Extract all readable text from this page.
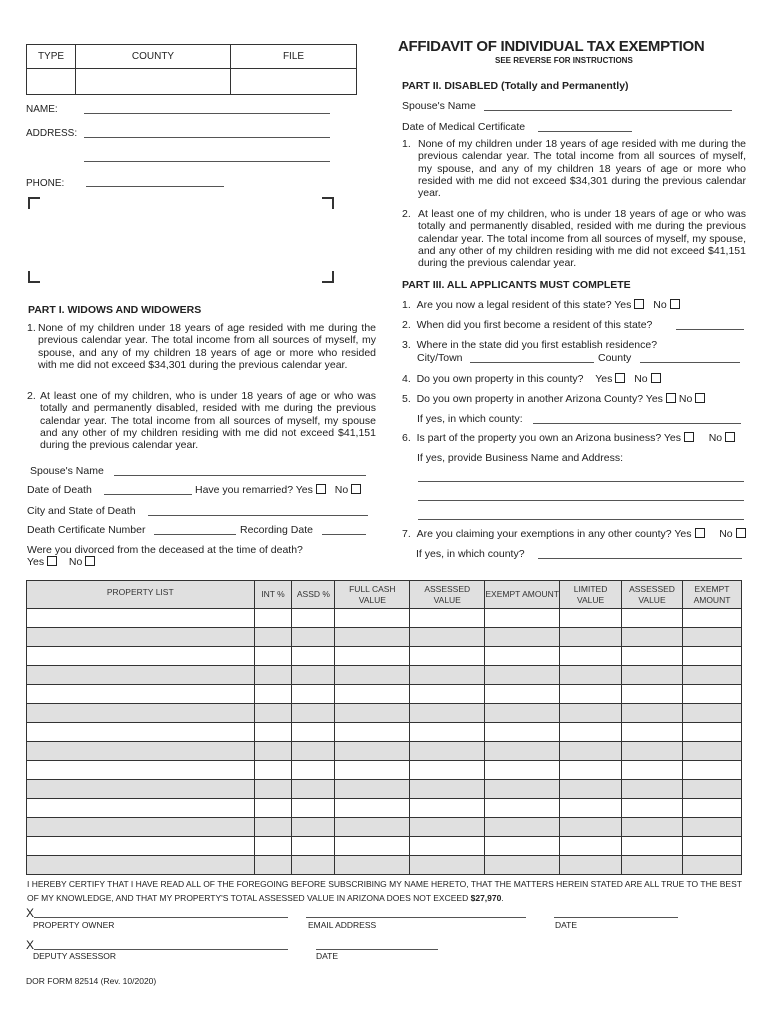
TYPE	COUNTY	FILE

AFFIDAVIT OF INDIVIDUAL TAX EXEMPTION
SEE REVERSE FOR INSTRUCTIONS
NAME:
ADDRESS:
PHONE:
PART I. WIDOWS AND WIDOWERS
1. None of my children under 18 years of age resided with me during the previous calendar year. The total income from all sources of myself, my spouse, and any of my children 18 years of age or more who resided with me did not exceed $34,301 during the previous calendar year.
2. At least one of my children, who is under 18 years of age or who was totally and permanently disabled, resided with me during the previous calendar year. The total income from all sources of myself, my spouse and any other of my children residing with me did not exceed $41,151 during the previous calendar year.
Spouse's Name
Date of Death	Have you remarried? Yes No
City and State of Death
Death Certificate Number	Recording Date
Were you divorced from the deceased at the time of death?
Yes No
PART II. DISABLED (Totally and Permanently)
Spouse's Name
Date of Medical Certificate
1. None of my children under 18 years of age resided with me during the previous calendar year. The total income from all sources of myself, my spouse, and any of my children 18 years of age or more who resided with me did not exceed $34,301 during the previous calendar year.
2. At least one of my children, who is under 18 years of age or who was totally and permanently disabled, resided with me during the previous calendar year. The total income from all sources of myself, my spouse, and any other of my children residing with me did not exceed $41,151 during the previous calendar year.
PART III. ALL APPLICANTS MUST COMPLETE
1.  Are you now a legal resident of this state? Yes No
2.  When did you first become a resident of this state?
3.  Where in the state did you first establish residence?
City/Town	County
4.  Do you own property in this county? Yes No
5.  Do you own property in another Arizona County? Yes No
If yes, in which county:
6.  Is part of the property you own an Arizona business? Yes	No
If yes, provide Business Name and Address:
7.  Are you claiming your exemptions in any other county? Yes	No
If yes, in which county?
PROPERTY LIST	INT %	ASSD %	FULL CASH VALUE	ASSESSED VALUE	EXEMPT AMOUNT	LIMITED VALUE	ASSESSED VALUE	EXEMPT AMOUNT

I HEREBY CERTIFY THAT I HAVE READ ALL OF THE FOREGOING BEFORE SUBSCRIBING MY NAME HERETO, THAT THE MATTERS HEREIN STATED ARE ALL TRUE TO THE BEST OF MY KNOWLEDGE, AND THAT MY PROPERTY'S TOTAL ASSESSED VALUE IN ARIZONA DOES NOT EXCEED $27,970.
X
PROPERTY OWNER	EMAIL ADDRESS	DATE
X
DEPUTY ASSESSOR	DATE
DOR FORM 82514 (Rev. 10/2020)
